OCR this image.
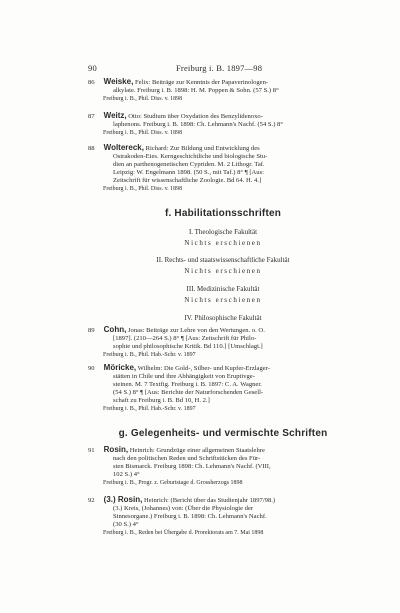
90	Freiburg i. B. 1897—98
86 Weiske, Felix: Beiträge zur Kenntnis der Papaverinologen-
alkylate. Freiburg i. B. 1898: H. M. Poppen & Sohn. (57 S.) 8°
Freiburg i. B., Phil. Diss. v. 1898
87 Weitz, Otto: Studium über Oxydation des Benzylidenoxo-
laphenons. Freiburg i. B. 1898: Ch. Lehmann's Nachf. (54 S.) 8°
Freiburg i. B., Phil. Diss. v. 1898
88 Woltereck, Richard: Zur Bildung und Entwicklung des
Ostrakoden-Eies. Kerngeschichtliche und biologische Stu-
dien an parthenogenetischen Cypriden. M. 2 Lithogr. Taf.
Leipzig: W. Engelmann 1898. (50 S., mit Taf.) 8° ¶ [Aus:
Zeitschrift für wissenschaftliche Zoologie. Bd 64. H. 4.]
Freiburg i. B., Phil. Diss. v. 1898
f. Habilitationsschriften
I. Theologische Fakultät
Nichts erschienen
II. Rechts- und staatswissenschaftliche Fakultät
Nichts erschienen
III. Medizinische Fakultät
Nichts erschienen
IV. Philosophische Fakultät
89 Cohn, Jonas: Beiträge zur Lehre von den Wertungen. o. O.
[1897]. (210—264 S.) 8° ¶ [Aus: Zeitschrift für Philo-
sophie und philosophische Kritik. Bd 110.] [Umschlagt.]
Freiburg i. B., Phil. Hab.-Schr. v. 1897
90 Möricke, Wilhelm: Die Gold-, Silber- und Kupfer-Erzlager-
stätten in Chile und ihre Abhängigkeit von Eruptivge-
steinen. M. 7 Textfig. Freiburg i. B. 1897: C. A. Wagner.
(54 S.) 8° ¶ [Aus: Berichte der Naturforschenden Gesell-
schaft zu Freiburg i. B. Bd 10, H. 2.]
Freiburg i. B., Phil. Hab.-Schr. v. 1897
g. Gelegenheits- und vermischte Schriften
91 Rosin, Heinrich: Grundzüge einer allgemeinen Staatslehre
nach den politischen Reden und Schriftstücken des Für-
sten Bismarck. Freiburg 1898: Ch. Lehmann's Nachf. (VIII,
102 S.) 4°
Freiburg i. B., Progr. z. Geburtstage d. Grossherzogs 1898
92 (3.) Rosin, Heinrich: (Bericht über das Studienjahr 1897/98.)
(3.) Kreis, (Johannes) von: (Über die Physiologie der
Sinnesorgane.) Freiburg i. B. 1898: Ch. Lehmann's Nachf.
(30 S.) 4°
Freiburg i. B., Reden bei Übergabe d. Prorektorats am 7. Mai 1898
